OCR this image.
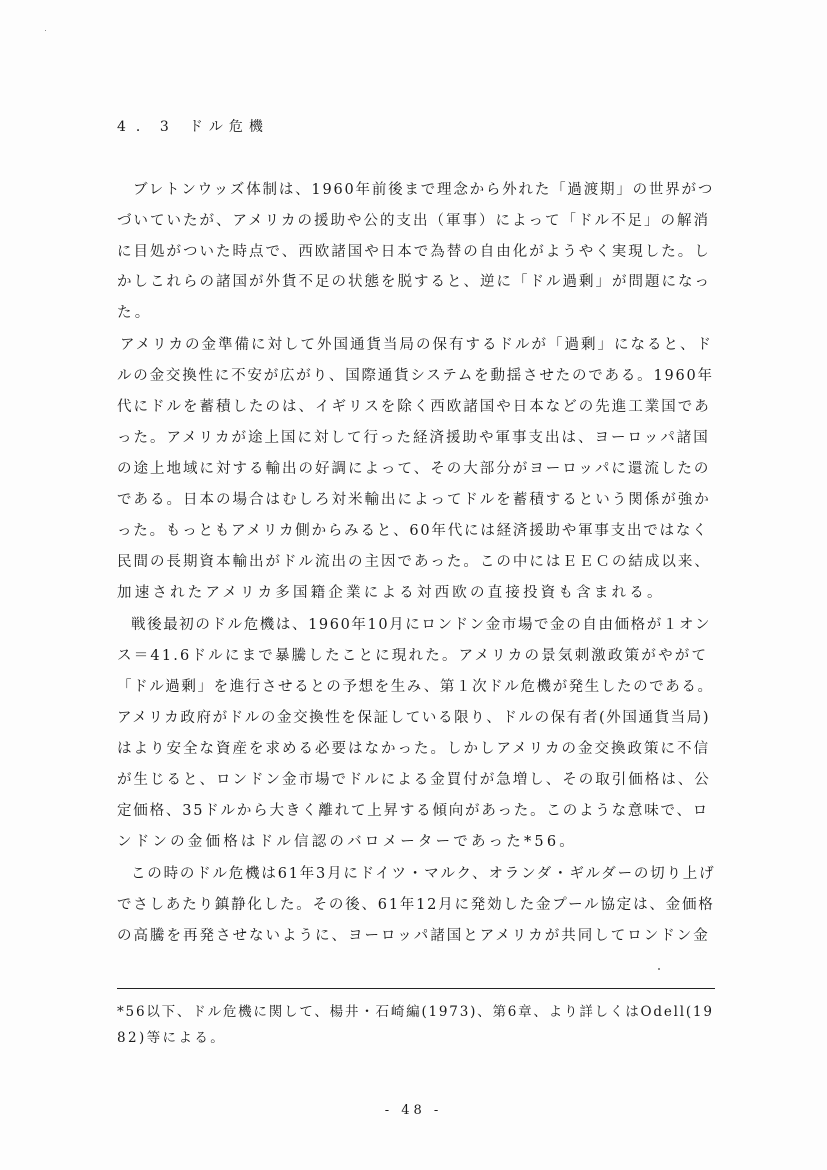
4．3 ドル危機
ブレトンウッズ体制は、1960年前後まで理念から外れた「過渡期」の世界がつ
づいていたが、アメリカの援助や公的支出（軍事）によって「ドル不足」の解消
に目処がついた時点で、西欧諸国や日本で為替の自由化がようやく実現した。し
かしこれらの諸国が外貨不足の状態を脱すると、逆に「ドル過剰」が問題になっ
た。
アメリカの金準備に対して外国通貨当局の保有するドルが「過剰」になると、ド
ルの金交換性に不安が広がり、国際通貨システムを動揺させたのである。1960年
代にドルを蓄積したのは、イギリスを除く西欧諸国や日本などの先進工業国であ
った。アメリカが途上国に対して行った経済援助や軍事支出は、ヨーロッパ諸国
の途上地域に対する輸出の好調によって、その大部分がヨーロッパに還流したの
である。日本の場合はむしろ対米輸出によってドルを蓄積するという関係が強か
った。もっともアメリカ側からみると、60年代には経済援助や軍事支出ではなく
民間の長期資本輸出がドル流出の主因であった。この中にはＥＥＣの結成以来、
加速されたアメリカ多国籍企業による対西欧の直接投資も含まれる。
戦後最初のドル危機は、1960年10月にロンドン金市場で金の自由価格が１オン
ス＝41.6ドルにまで暴騰したことに現れた。アメリカの景気刺激政策がやがて
「ドル過剰」を進行させるとの予想を生み、第１次ドル危機が発生したのである。
アメリカ政府がドルの金交換性を保証している限り、ドルの保有者(外国通貨当局)
はより安全な資産を求める必要はなかった。しかしアメリカの金交換政策に不信
が生じると、ロンドン金市場でドルによる金買付が急増し、その取引価格は、公
定価格、35ドルから大きく離れて上昇する傾向があった。このような意味で、ロ
ンドンの金価格はドル信認のバロメーターであった*56。
この時のドル危機は61年3月にドイツ・マルク、オランダ・ギルダーの切り上げ
でさしあたり鎮静化した。その後、61年12月に発効した金プール協定は、金価格
の高騰を再発させないように、ヨーロッパ諸国とアメリカが共同してロンドン金
*56以下、ドル危機に関して、楊井・石崎編(1973)、第6章、より詳しくはOdell(19
82)等による。
- 48 -
